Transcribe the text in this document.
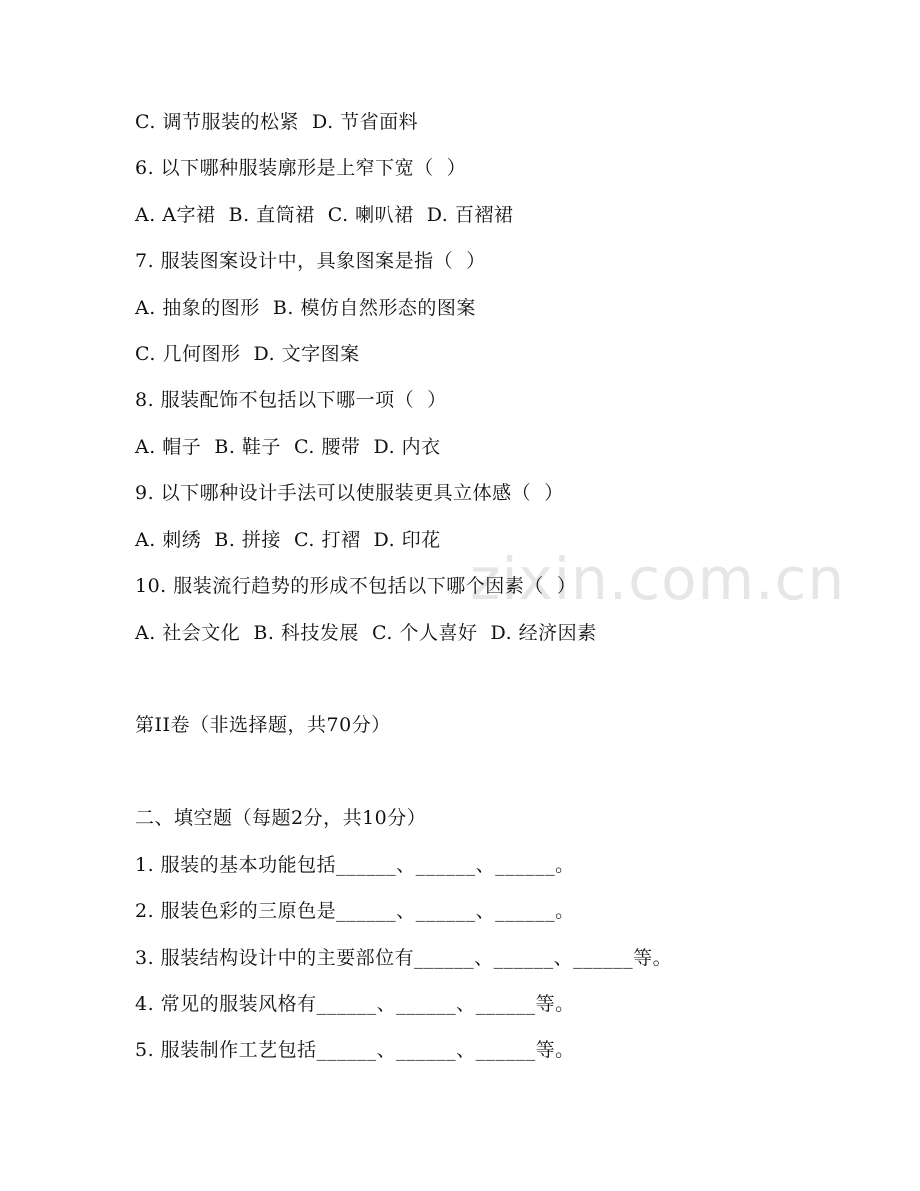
zixin.com.cn
C. 调节服装的松紧  D. 节省面料
6. 以下哪种服装廓形是上窄下宽（  ）
A. A字裙  B. 直筒裙  C. 喇叭裙  D. 百褶裙
7. 服装图案设计中，具象图案是指（  ）
A. 抽象的图形  B. 模仿自然形态的图案
C. 几何图形  D. 文字图案
8. 服装配饰不包括以下哪一项（  ）
A. 帽子  B. 鞋子  C. 腰带  D. 内衣
9. 以下哪种设计手法可以使服装更具立体感（  ）
A. 刺绣  B. 拼接  C. 打褶  D. 印花
10. 服装流行趋势的形成不包括以下哪个因素（  ）
A. 社会文化  B. 科技发展  C. 个人喜好  D. 经济因素
第II卷（非选择题，共70分）
二、填空题（每题2分，共10分）
1. 服装的基本功能包括______、______、______。
2. 服装色彩的三原色是______、______、______。
3. 服装结构设计中的主要部位有______、______、______等。
4. 常见的服装风格有______、______、______等。
5. 服装制作工艺包括______、______、______等。
